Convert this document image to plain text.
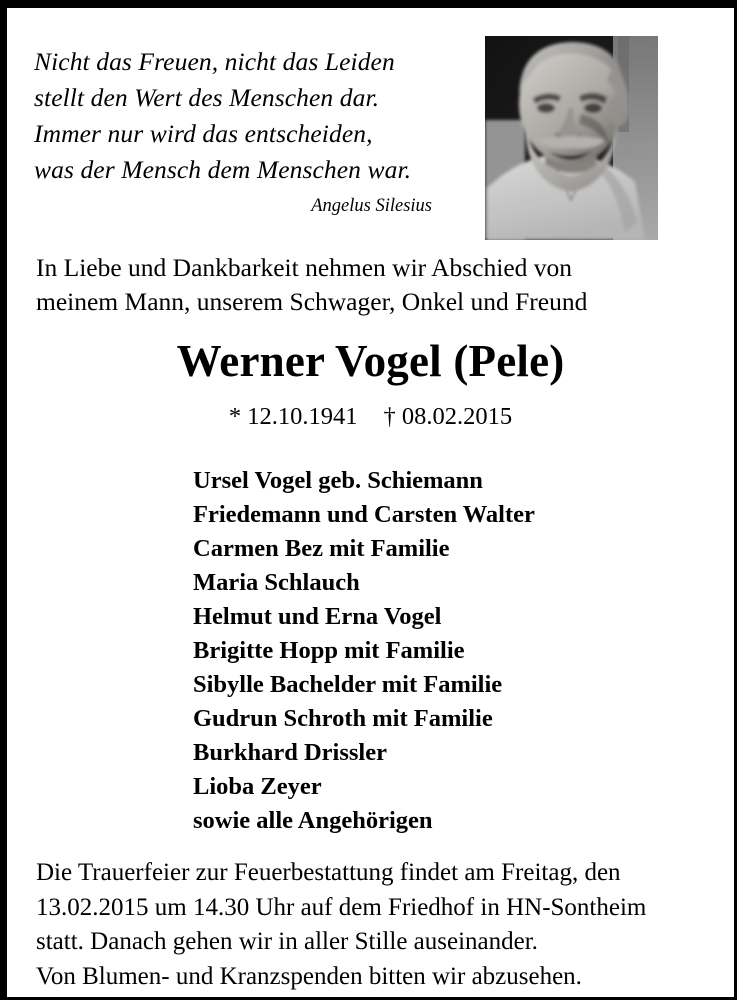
Nicht das Freuen, nicht das Leiden
stellt den Wert des Menschen dar.
Immer nur wird das entscheiden,
was der Mensch dem Menschen war.
Angelus Silesius
In Liebe und Dankbarkeit nehmen wir Abschied von
meinem Mann, unserem Schwager, Onkel und Freund
Werner Vogel (Pele)
* 12.10.1941 † 08.02.2015
Ursel Vogel geb. Schiemann
Friedemann und Carsten Walter
Carmen Bez mit Familie
Maria Schlauch
Helmut und Erna Vogel
Brigitte Hopp mit Familie
Sibylle Bachelder mit Familie
Gudrun Schroth mit Familie
Burkhard Drissler
Lioba Zeyer
sowie alle Angehörigen
Die Trauerfeier zur Feuerbestattung findet am Freitag, den
13.02.2015 um 14.30 Uhr auf dem Friedhof in HN-Sontheim
statt. Danach gehen wir in aller Stille auseinander.
Von Blumen- und Kranzspenden bitten wir abzusehen.
